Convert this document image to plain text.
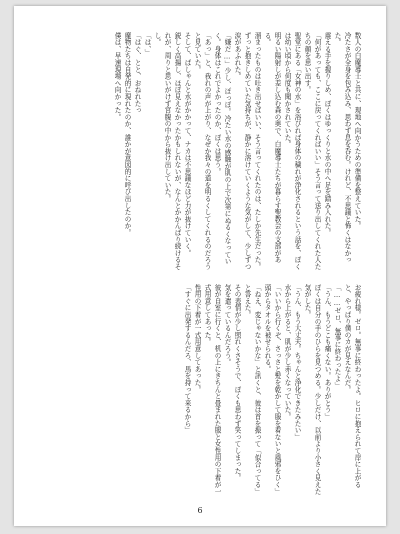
数人の白魔導士と共に、現地へ向かうための準備を整えていた。

冷たさが全身を包み込み、思わず息を呑む。けれど、不思議と怖くはなかった。

震える手を握りしめ、ぼくはゆっくりと水の中へ足を踏み入れた。

「何があっても、ここに戻ってくればいい」そう言って送り出してくれた人たちの顔を思い出す。

聖堂にある「女神の水」を浴びれば身体の穢れが浄化されるという話を、ぼくは幼い頃から何度も聞かされていた。

明るい陽射しが差し込む森の奥で、白魔導士たちが暮らす聖教会の支部がある。

溜まったものは吐き出せばいい、そう言ってくれたのは、たしか先生だった。

ずっと抱きしめていた気持ちが、静かに溶けていくような気がして、少しずつ涙があふれた。

「嫌だ…」少し、ぽっぽ。冷たい水の感触が肌の上で次第にぬるくなっていく。身体はこれでよかったのか、ぼくは思う。

「あっ」と、我れの声が上がり、なぜか我々の道を明るくしてくれるのだろうと見ていた。

そして、ぱしゃんと水がかかって、ナカは不思議なほど力が抜けていく。

鋭しく高揚し、ほぼ見えなかったかもしれないが、なんとかかんばり続けるそれが、周りと思いがけず宮腹の中から抜け出していた。

し。

「は、」

「はぐ、とと、おねれたっ

魔物たちは自発的に現れたのか、誰かが意図的に呼び出したのか。

僕は、早速現場へ向かった。

お疲れ様。ゼロ。無事に終わったよ。ヒロに抱えられて岸に上がると、やっぱり僕のカが見えなんだ。

「……ゼロ、無事に終わったよ」

「うん、もうどこも痛くない。ありがとう」

ぼくは自分の手のひらを見つめる。少しだけ、以前より小さく見えた気がした。

「うん、もう大丈夫。ちゃんと浄化できたみたい」

水から上がると、肌が少し赤くなっていた。

「いいから行くぞ、さっさと髪を乾かして服を着ないと風邪をひく」

頭からタオルを被せられる。

「ねえ、変じゃないかな」と訊くと、彼は首を振って「似合ってる」と答えた。

その表情が少し照れくさそうで、ぼくも思わず笑ってしまった。

気を遣っているんだろう。

彼が自室に行くと、机の上にきちんと畳まれた服と女性用の下着が一式用意してあった。

性用の下着が一式用意してあった。

「すぐに出発するんだろ、馬を持って来るから」

6
